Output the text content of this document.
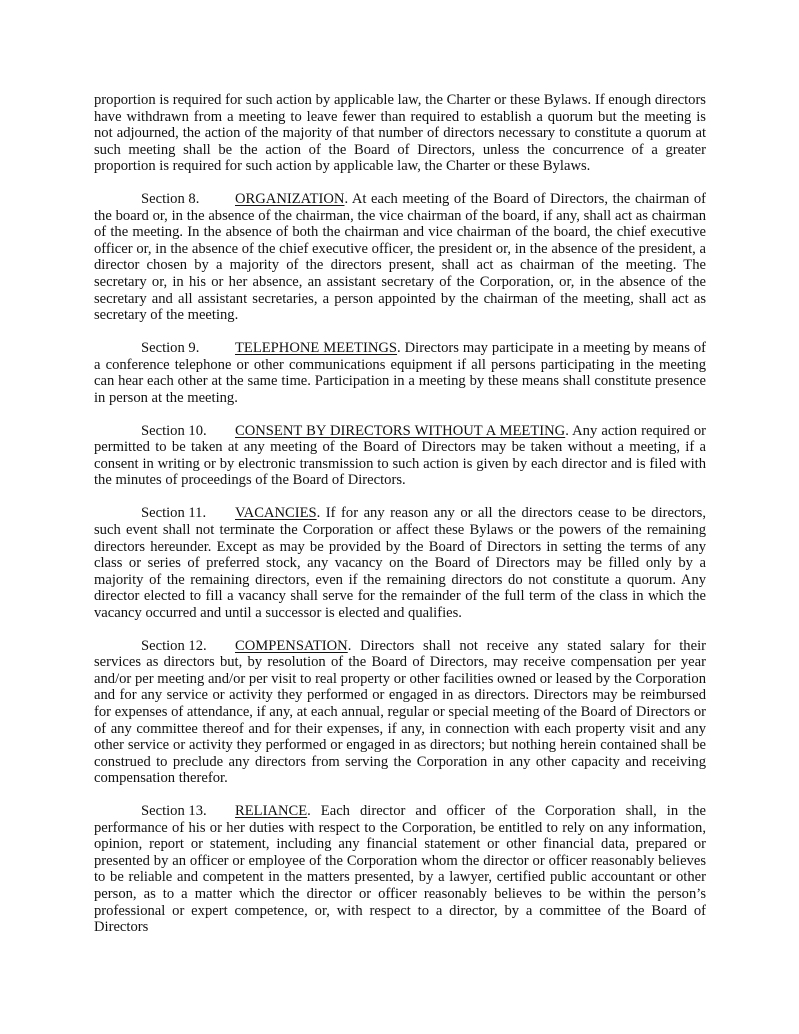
proportion is required for such action by applicable law, the Charter or these Bylaws. If enough directors have withdrawn from a meeting to leave fewer than required to establish a quorum but the meeting is not adjourned, the action of the majority of that number of directors necessary to constitute a quorum at such meeting shall be the action of the Board of Directors, unless the concurrence of a greater proportion is required for such action by applicable law, the Charter or these Bylaws.

Section 8. ORGANIZATION. At each meeting of the Board of Directors, the chairman of the board or, in the absence of the chairman, the vice chairman of the board, if any, shall act as chairman of the meeting. In the absence of both the chairman and vice chairman of the board, the chief executive officer or, in the absence of the chief executive officer, the president or, in the absence of the president, a director chosen by a majority of the directors present, shall act as chairman of the meeting. The secretary or, in his or her absence, an assistant secretary of the Corporation, or, in the absence of the secretary and all assistant secretaries, a person appointed by the chairman of the meeting, shall act as secretary of the meeting.

Section 9. TELEPHONE MEETINGS. Directors may participate in a meeting by means of a conference telephone or other communications equipment if all persons participating in the meeting can hear each other at the same time. Participation in a meeting by these means shall constitute presence in person at the meeting.

Section 10. CONSENT BY DIRECTORS WITHOUT A MEETING. Any action required or permitted to be taken at any meeting of the Board of Directors may be taken without a meeting, if a consent in writing or by electronic transmission to such action is given by each director and is filed with the minutes of proceedings of the Board of Directors.

Section 11. VACANCIES. If for any reason any or all the directors cease to be directors, such event shall not terminate the Corporation or affect these Bylaws or the powers of the remaining directors hereunder. Except as may be provided by the Board of Directors in setting the terms of any class or series of preferred stock, any vacancy on the Board of Directors may be filled only by a majority of the remaining directors, even if the remaining directors do not constitute a quorum. Any director elected to fill a vacancy shall serve for the remainder of the full term of the class in which the vacancy occurred and until a successor is elected and qualifies.

Section 12. COMPENSATION. Directors shall not receive any stated salary for their services as directors but, by resolution of the Board of Directors, may receive compensation per year and/or per meeting and/or per visit to real property or other facilities owned or leased by the Corporation and for any service or activity they performed or engaged in as directors. Directors may be reimbursed for expenses of attendance, if any, at each annual, regular or special meeting of the Board of Directors or of any committee thereof and for their expenses, if any, in connection with each property visit and any other service or activity they performed or engaged in as directors; but nothing herein contained shall be construed to preclude any directors from serving the Corporation in any other capacity and receiving compensation therefor.

Section 13. RELIANCE. Each director and officer of the Corporation shall, in the performance of his or her duties with respect to the Corporation, be entitled to rely on any information, opinion, report or statement, including any financial statement or other financial data, prepared or presented by an officer or employee of the Corporation whom the director or officer reasonably believes to be reliable and competent in the matters presented, by a lawyer, certified public accountant or other person, as to a matter which the director or officer reasonably believes to be within the person’s professional or expert competence, or, with respect to a director, by a committee of the Board of Directors
